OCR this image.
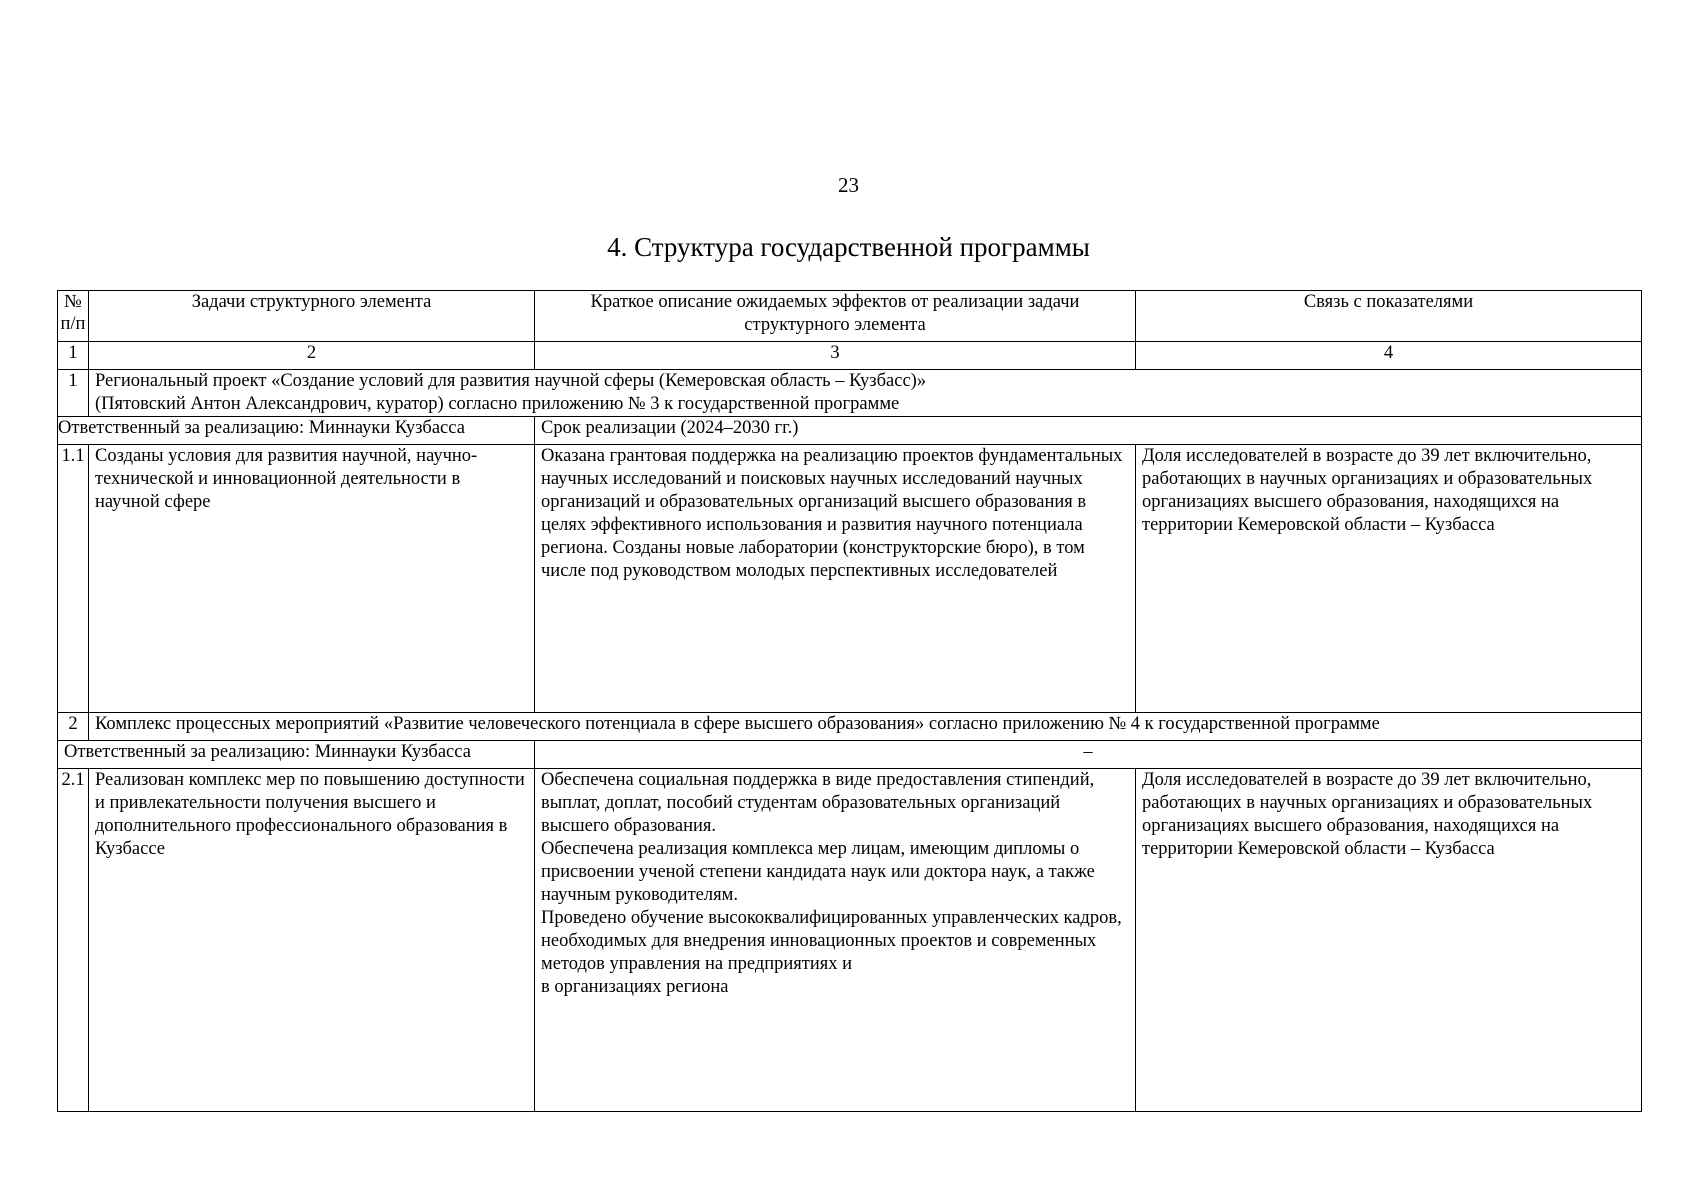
23
4. Структура государственной программы
№ п/п	Задачи структурного элемента	Краткое описание ожидаемых эффектов от реализации задачи структурного элемента	Связь с показателями
1	2	3	4
1	Региональный проект «Создание условий для развития научной сферы (Кемеровская область – Кузбасс)»
(Пятовский Антон Александрович, куратор) согласно приложению № 3 к государственной программе		
Ответственный за реализацию: Миннауки Кузбасса		Срок реализации (2024–2030 гг.)	
1.1	Созданы условия для развития научной, научно-технической и инновационной деятельности в научной сфере	Оказана грантовая поддержка на реализацию проектов фундаментальных научных исследований и поисковых научных исследований научных организаций и образовательных организаций высшего образования в целях эффективного использования и развития научного потенциала региона. Созданы новые лаборатории (конструкторские бюро), в том числе под руководством молодых перспективных исследователей	Доля исследователей в возрасте до 39 лет включительно, работающих в научных организациях и образовательных организациях высшего образования, находящихся на территории Кемеровской области – Кузбасса
2	Комплекс процессных мероприятий «Развитие человеческого потенциала в сфере высшего образования» согласно приложению № 4 к государственной программе		
Ответственный за реализацию: Миннауки Кузбасса		–	
2.1	Реализован комплекс мер по повышению доступности и привлекательности получения высшего и дополнительного профессионального образования в Кузбассе	Обеспечена социальная поддержка в виде предоставления стипендий, выплат, доплат, пособий студентам образовательных организаций высшего образования.
Обеспечена реализация комплекса мер лицам, имеющим дипломы о присвоении ученой степени кандидата наук или доктора наук, а также научным руководителям.
Проведено обучение высококвалифицированных управленческих кадров, необходимых для внедрения инновационных проектов и современных методов управления на предприятиях и
в организациях региона	Доля исследователей в возрасте до 39 лет включительно, работающих в научных организациях и образовательных организациях высшего образования, находящихся на территории Кемеровской области – Кузбасса
